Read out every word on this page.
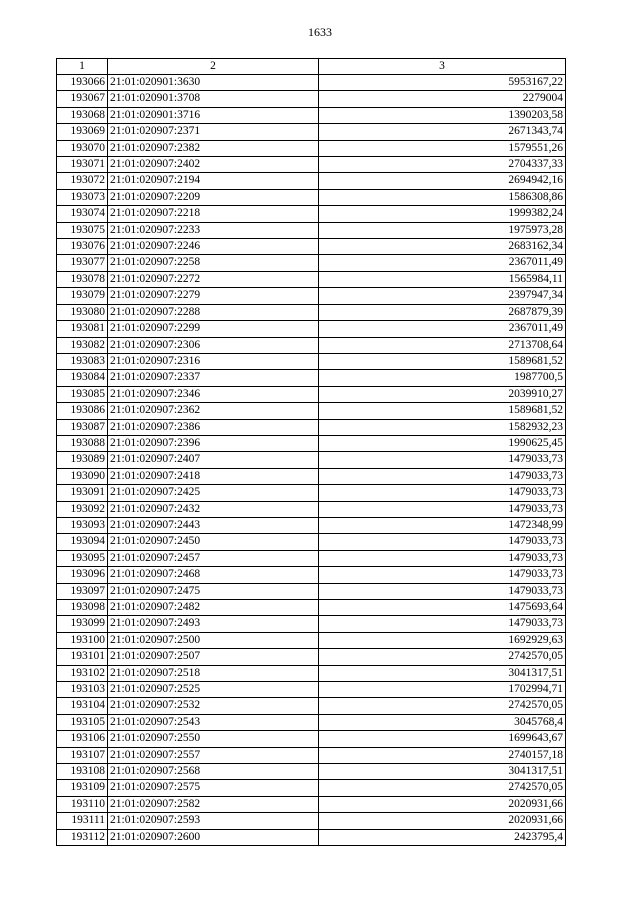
1633
1	2	3
193066	21:01:020901:3630	5953167,22
193067	21:01:020901:3708	2279004
193068	21:01:020901:3716	1390203,58
193069	21:01:020907:2371	2671343,74
193070	21:01:020907:2382	1579551,26
193071	21:01:020907:2402	2704337,33
193072	21:01:020907:2194	2694942,16
193073	21:01:020907:2209	1586308,86
193074	21:01:020907:2218	1999382,24
193075	21:01:020907:2233	1975973,28
193076	21:01:020907:2246	2683162,34
193077	21:01:020907:2258	2367011,49
193078	21:01:020907:2272	1565984,11
193079	21:01:020907:2279	2397947,34
193080	21:01:020907:2288	2687879,39
193081	21:01:020907:2299	2367011,49
193082	21:01:020907:2306	2713708,64
193083	21:01:020907:2316	1589681,52
193084	21:01:020907:2337	1987700,5
193085	21:01:020907:2346	2039910,27
193086	21:01:020907:2362	1589681,52
193087	21:01:020907:2386	1582932,23
193088	21:01:020907:2396	1990625,45
193089	21:01:020907:2407	1479033,73
193090	21:01:020907:2418	1479033,73
193091	21:01:020907:2425	1479033,73
193092	21:01:020907:2432	1479033,73
193093	21:01:020907:2443	1472348,99
193094	21:01:020907:2450	1479033,73
193095	21:01:020907:2457	1479033,73
193096	21:01:020907:2468	1479033,73
193097	21:01:020907:2475	1479033,73
193098	21:01:020907:2482	1475693,64
193099	21:01:020907:2493	1479033,73
193100	21:01:020907:2500	1692929,63
193101	21:01:020907:2507	2742570,05
193102	21:01:020907:2518	3041317,51
193103	21:01:020907:2525	1702994,71
193104	21:01:020907:2532	2742570,05
193105	21:01:020907:2543	3045768,4
193106	21:01:020907:2550	1699643,67
193107	21:01:020907:2557	2740157,18
193108	21:01:020907:2568	3041317,51
193109	21:01:020907:2575	2742570,05
193110	21:01:020907:2582	2020931,66
193111	21:01:020907:2593	2020931,66
193112	21:01:020907:2600	2423795,4
